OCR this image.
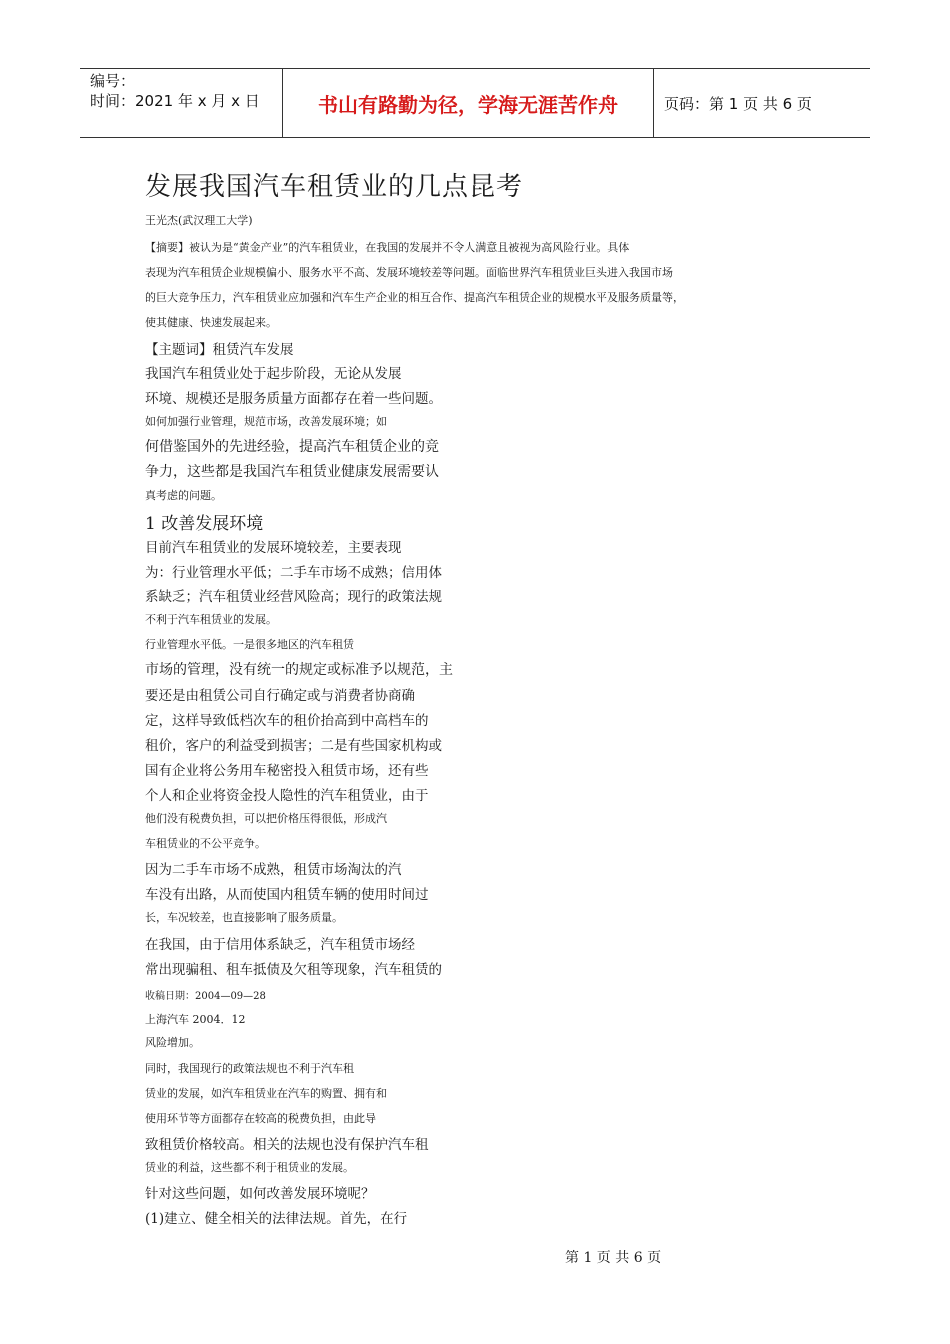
编号：
时间：2021 年 x 月 x 日	书山有路勤为径，学海无涯苦作舟	页码：第 1 页 共 6 页
发展我国汽车租赁业的几点昆考
王光杰(武汉理工大学)
【摘要】被认为是“黄金产业”的汽车租赁业，在我国的发展并不令人满意且被视为高风险行业。具体
表现为汽车租赁企业规模偏小、服务水平不高、发展环境较差等问题。面临世界汽车租赁业巨头进入我国市场
的巨大竞争压力，汽车租赁业应加强和汽车生产企业的相互合作、提高汽车租赁企业的规模水平及服务质量等，
使其健康、快速发展起来。
【主题词】租赁汽车发展
我国汽车租赁业处于起步阶段，无论从发展
环境、规模还是服务质量方面都存在着一些问题。
如何加强行业管理，规范市场，改善发展环境；如
何借鉴国外的先进经验，提高汽车租赁企业的竞
争力，这些都是我国汽车租赁业健康发展需要认
真考虑的问题。
1 改善发展环境
目前汽车租赁业的发展环境较差，主要表现
为：行业管理水平低；二手车市场不成熟；信用体
系缺乏；汽车租赁业经营风险高；现行的政策法规
不利于汽车租赁业的发展。
行业管理水平低。一是很多地区的汽车租赁
市场的管理，没有统一的规定或标准予以规范，主
要还是由租赁公司自行确定或与消费者协商确
定，这样导致低档次车的租价抬高到中高档车的
租价，客户的利益受到损害；二是有些国家机构或
国有企业将公务用车秘密投入租赁市场，还有些
个人和企业将资金投人隐性的汽车租赁业，由于
他们没有税费负担，可以把价格压得很低，形成汽
车租赁业的不公平竞争。
因为二手车市场不成熟，租赁市场淘汰的汽
车没有出路，从而使国内租赁车辆的使用时间过
长，车况较差，也直接影响了服务质量。
在我国，由于信用体系缺乏，汽车租赁市场经
常出现骗租、租车抵债及欠租等现象，汽车租赁的
收稿日期：2004—09—28
上海汽车 2004．12
风险增加。
同时，我国现行的政策法规也不利于汽车租
赁业的发展，如汽车租赁业在汽车的购置、拥有和
使用环节等方面都存在较高的税费负担，由此导
致租赁价格较高。相关的法规也没有保护汽车租
赁业的利益，这些都不利于租赁业的发展。
针对这些问题，如何改善发展环境呢？
(1)建立、健全相关的法律法规。首先，在行
第 1 页 共 6 页
